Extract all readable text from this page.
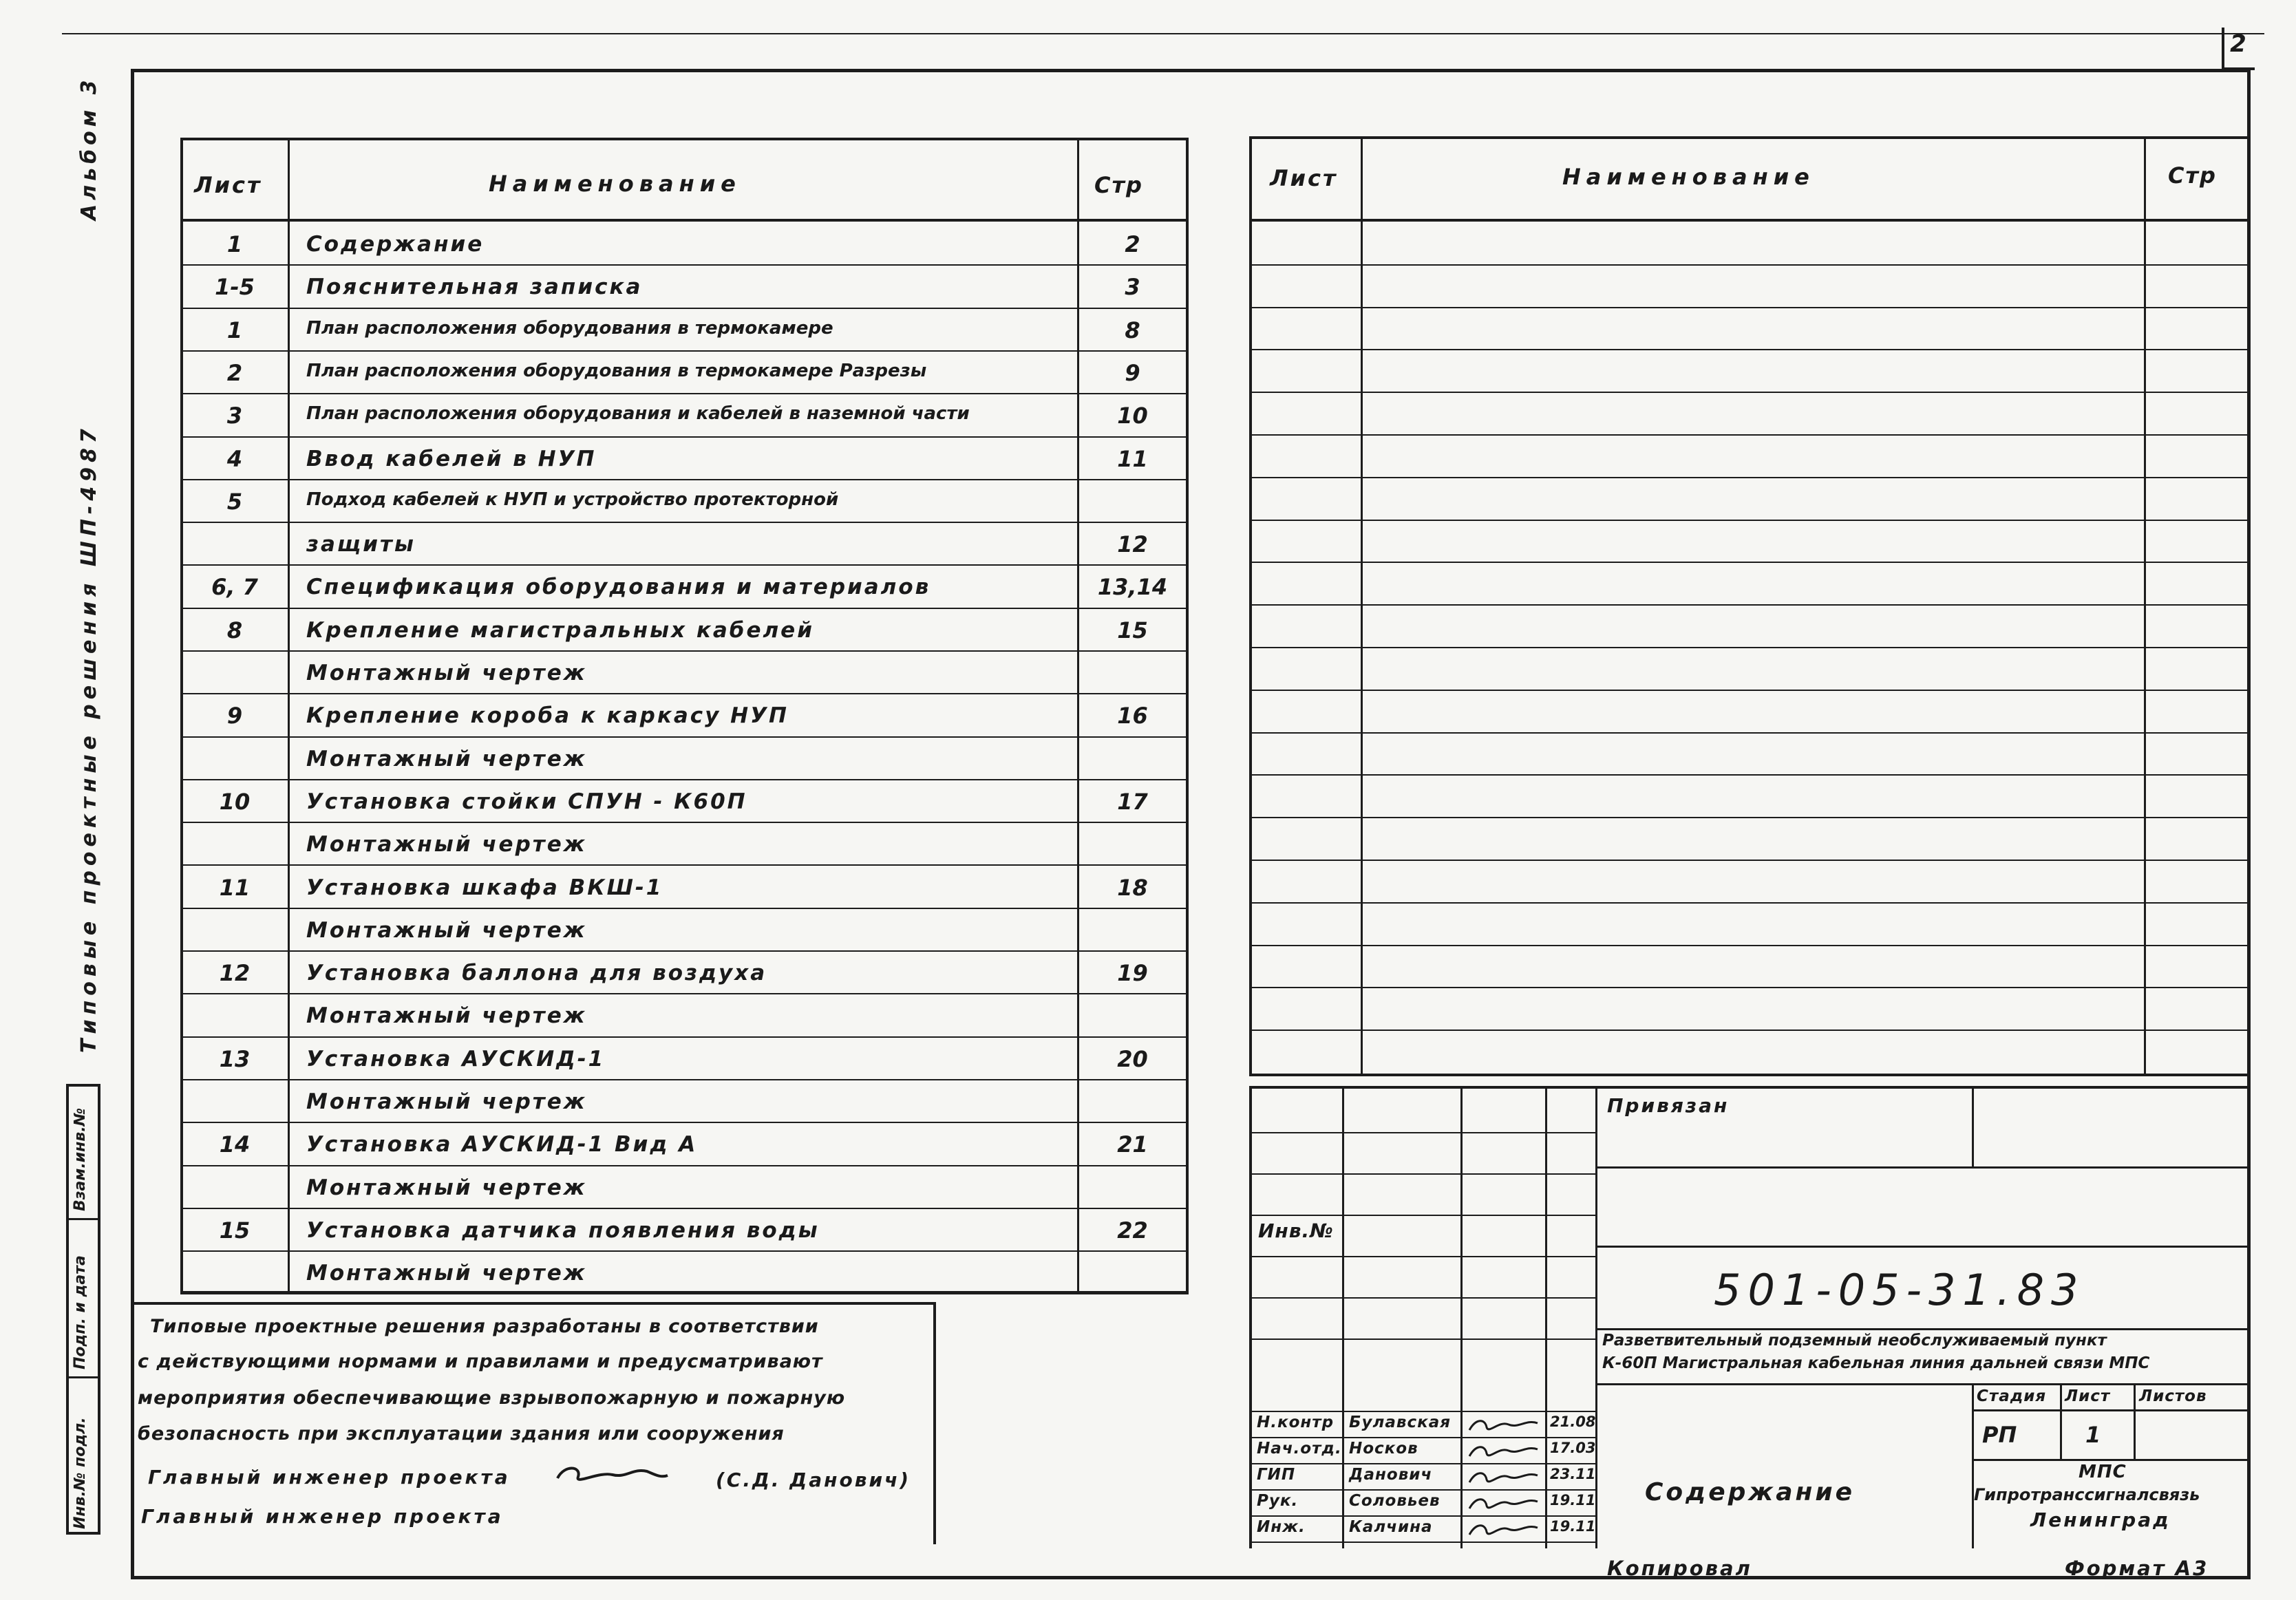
2
Альбом 3
Типовые проектные решения ШП-4987
Взам.инв.№
Подп. и дата
Инв.№ подл.
Лист	Наименование	Стр
1	Содержание	2
1-5	Пояснительная записка	3
1	План расположения оборудования в термокамере	8
2	План расположения оборудования в термокамере Разрезы	9
3	План расположения оборудования и кабелей в наземной части	10
4	Ввод кабелей в НУП	11
5	Подход кабелей к НУП и устройство протекторной
защиты	12
6, 7	Спецификация оборудования и материалов	13,14
8	Крепление магистральных кабелей	15
Монтажный чертеж
9	Крепление короба к каркасу НУП	16
Монтажный чертеж
10	Установка стойки СПУН - К60П	17
Монтажный чертеж
11	Установка шкафа ВКШ-1	18
Монтажный чертеж
12	Установка баллона для воздуха	19
Монтажный чертеж
13	Установка АУСКИД-1	20
Монтажный чертеж
14	Установка АУСКИД-1 Вид А	21
Монтажный чертеж
15	Установка датчика появления воды	22
Монтажный чертеж
Типовые проектные решения разработаны в соответствии
с действующими нормами и правилами и предусматривают
мероприятия обеспечивающие взрывопожарную и пожарную
безопасность при эксплуатации здания или сооружения
Главный инженер проекта	(С.Д. Данович)
Главный инженер проекта
Лист	Наименование	Стр
Н.контр Булавская	21.08
Нач.отд. Носков	17.03
ГИП	Данович	23.11
Рук.	Соловьев	19.11
Инж.	Калчина	19.11
Привязан
Инв.№
501-05-31.83
Разветвительный подземный необслуживаемый пункт
К-60П Магистральная кабельная линия дальней связи МПС
Стадия Лист Листов
РП	1
МПС
Гипротранссигналсвязь
Ленинград
Содержание
Копировал	Формат А3
